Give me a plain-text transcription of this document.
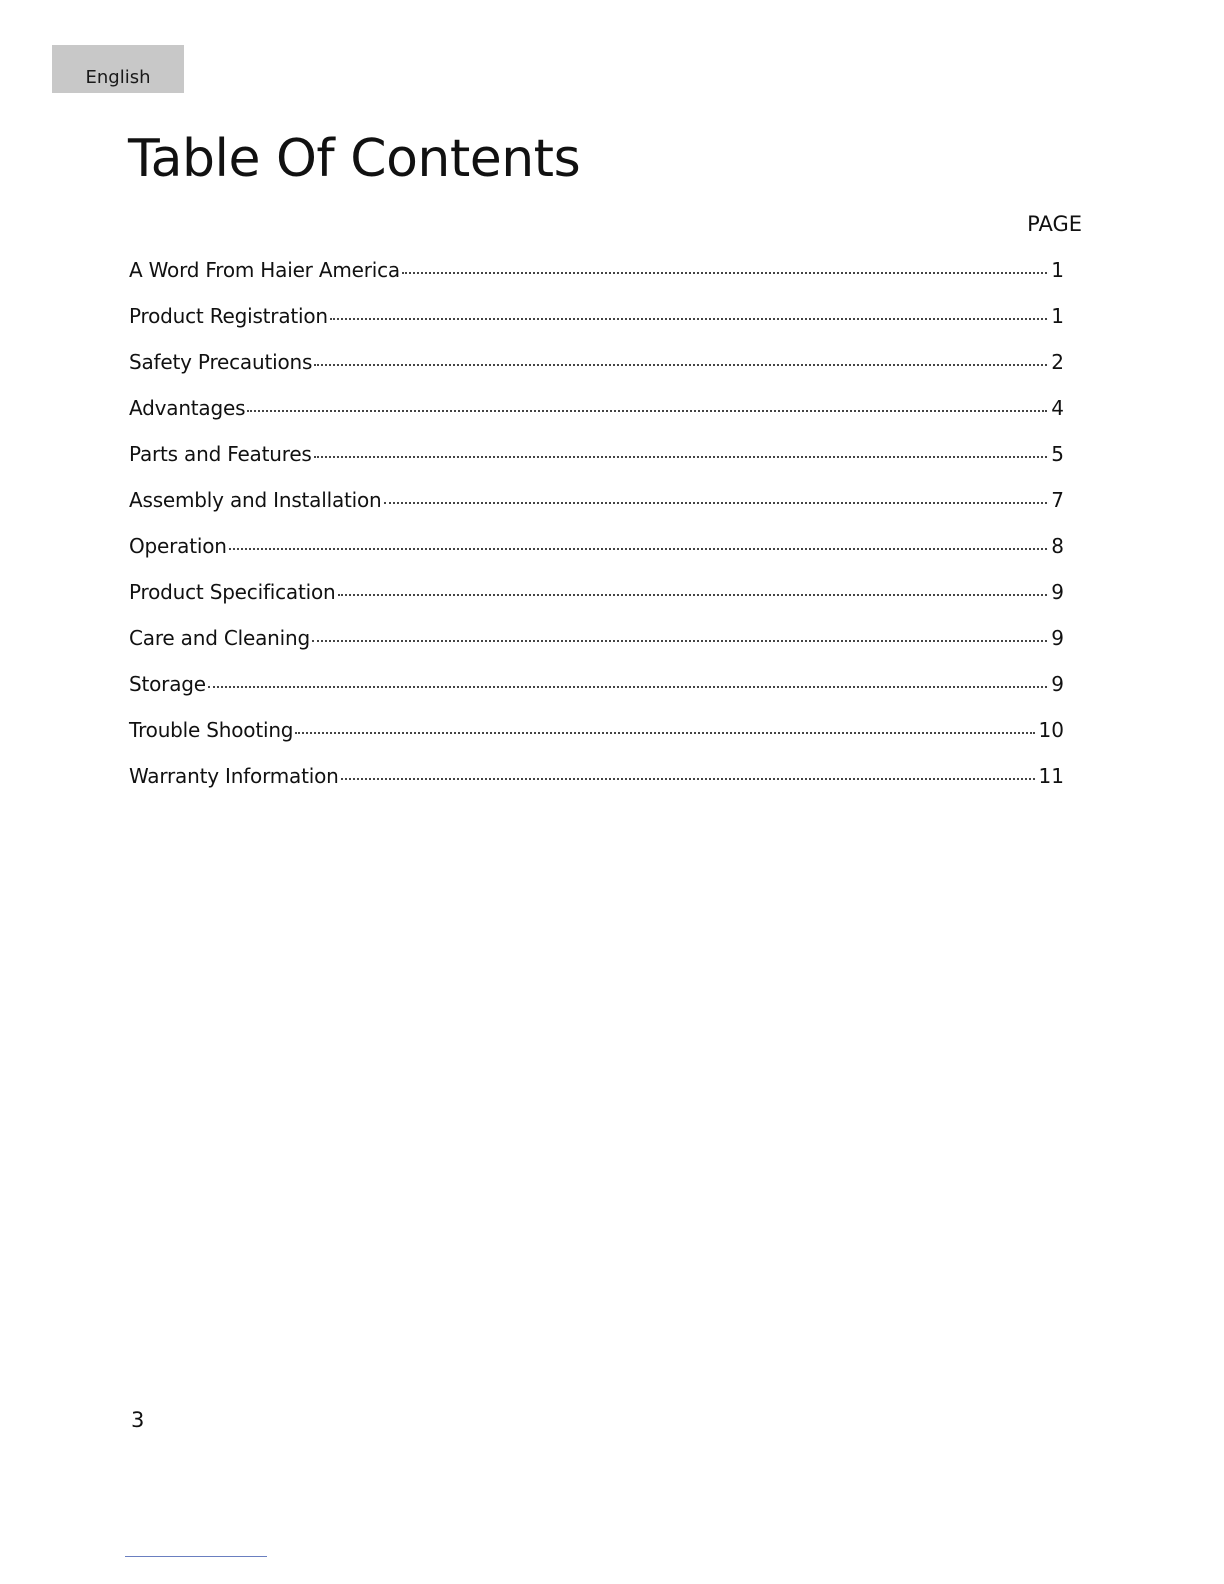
English
Table Of Contents
PAGE
A Word From Haier America	1
Product Registration	1
Safety Precautions	2
Advantages	4
Parts and Features	5
Assembly and Installation	7
Operation	8
Product Specification	9
Care and Cleaning	9
Storage	9
Trouble Shooting	10
Warranty Information	11
3
